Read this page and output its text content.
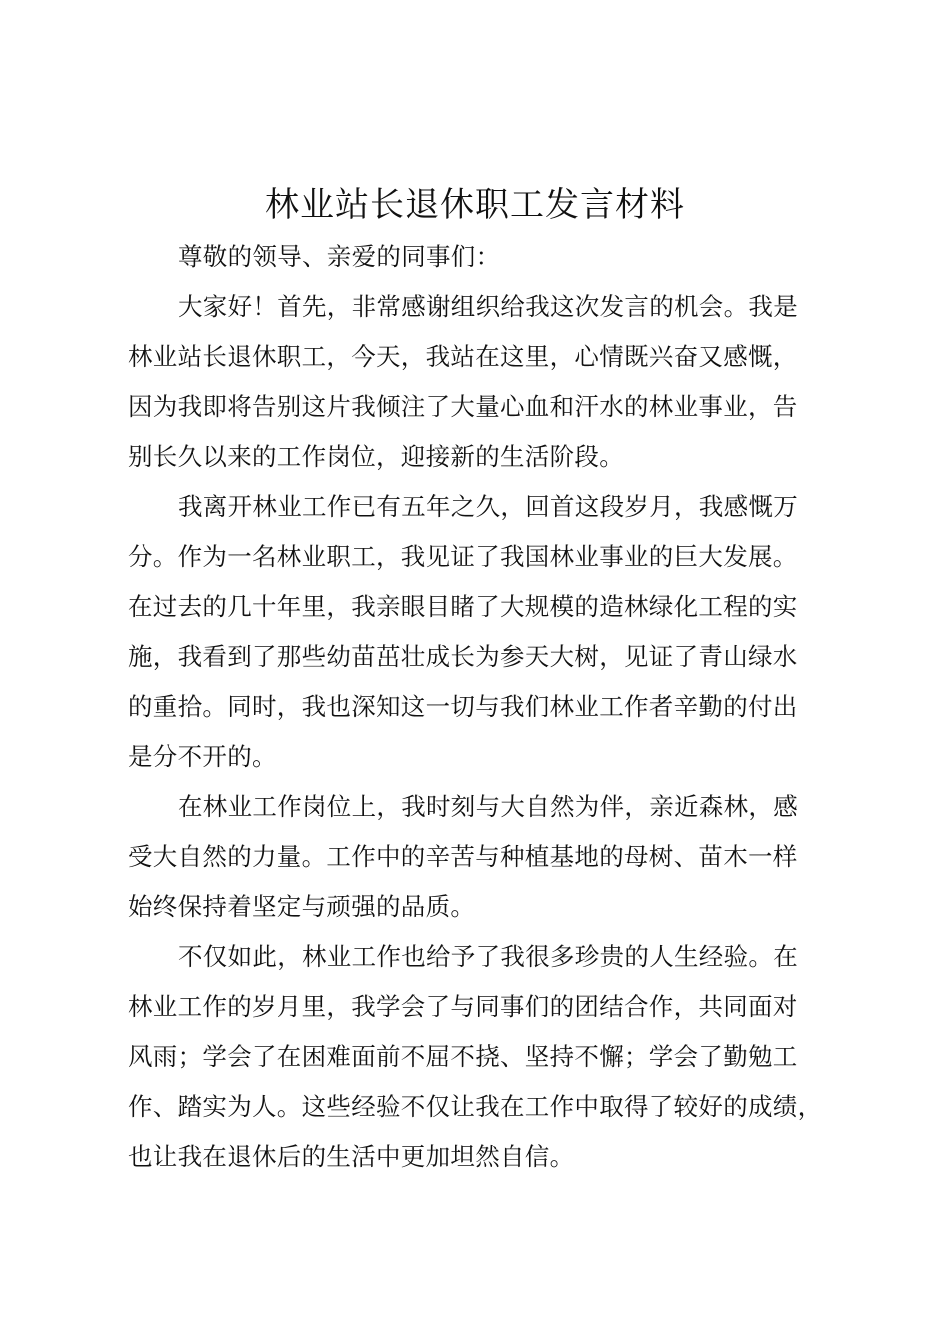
林业站长退休职工发言材料
尊敬的领导、亲爱的同事们：
大家好！首先，非常感谢组织给我这次发言的机会。我是
林业站长退休职工，今天，我站在这里，心情既兴奋又感慨，
因为我即将告别这片我倾注了大量心血和汗水的林业事业，告
别长久以来的工作岗位，迎接新的生活阶段。
我离开林业工作已有五年之久，回首这段岁月，我感慨万
分。作为一名林业职工，我见证了我国林业事业的巨大发展。
在过去的几十年里，我亲眼目睹了大规模的造林绿化工程的实
施，我看到了那些幼苗茁壮成长为参天大树，见证了青山绿水
的重拾。同时，我也深知这一切与我们林业工作者辛勤的付出
是分不开的。
在林业工作岗位上，我时刻与大自然为伴，亲近森林，感
受大自然的力量。工作中的辛苦与种植基地的母树、苗木一样
始终保持着坚定与顽强的品质。
不仅如此，林业工作也给予了我很多珍贵的人生经验。在
林业工作的岁月里，我学会了与同事们的团结合作，共同面对
风雨；学会了在困难面前不屈不挠、坚持不懈；学会了勤勉工
作、踏实为人。这些经验不仅让我在工作中取得了较好的成绩，
也让我在退休后的生活中更加坦然自信。
